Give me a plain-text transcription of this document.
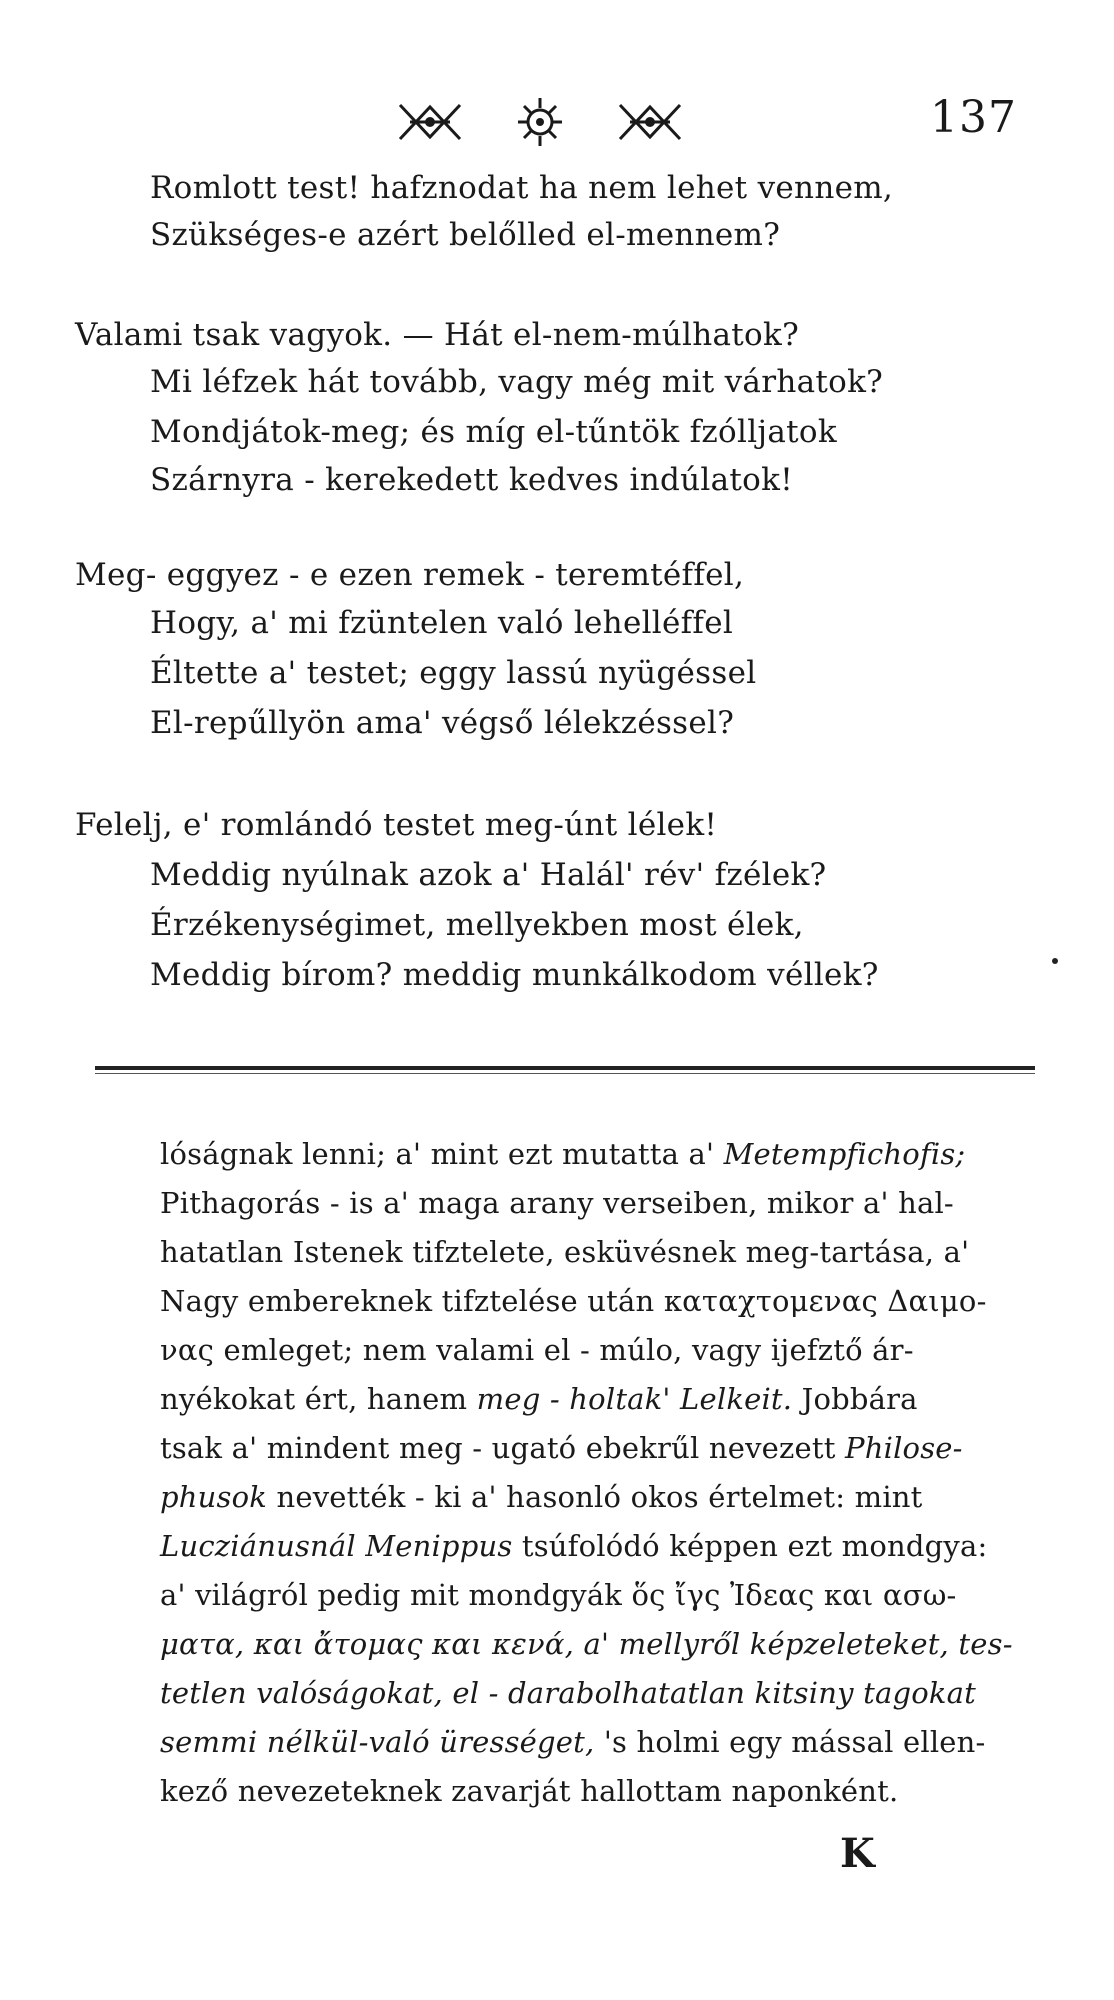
137
Romlott test! hafznodat ha nem lehet vennem,
Szükséges-e azért belőlled el-mennem?
Valami tsak vagyok. — Hát el-nem-múlhatok?
Mi léfzek hát tovább, vagy még mit várhatok?
Mondjátok-meg; és míg el-tűntök fzólljatok
Szárnyra - kerekedett kedves indúlatok!
Meg- eggyez - e ezen remek - teremtéffel,
Hogy, a' mi fzüntelen való lehelléffel
Éltette a' testet; eggy lassú nyügéssel
El-repűllyön ama' végső lélekzéssel?
Felelj, e' romlándó testet meg-únt lélek!
Meddig nyúlnak azok a' Halál' rév' fzélek?
Érzékenységimet, mellyekben most élek,
Meddig bírom? meddig munkálkodom véllek?
lóságnak lenni; a' mint ezt mutatta a' Metempfichofis;
Pithagorás - is a' maga arany verseiben, mikor a' hal-
hatatlan Istenek tifztelete, esküvésnek meg-tartása, a'
Nagy embereknek tifztelése után καταχτομενας Δαιμο-
νας emleget; nem valami el - múlo, vagy ijefztő ár-
nyékokat ért, hanem meg - holtak' Lelkeit. Jobbára
tsak a' mindent meg - ugató ebekrűl nevezett Philose-
phusok nevették - ki a' hasonló okos értelmet: mint
Lucziánusnál Menippus tsúfolódó képpen ezt mondgya:
a' világról pedig mit mondgyák ὅς ἴγς Ἰδεας και ασω-
ματα, και ἄτομας και κενά, a' mellyről képzeleteket, tes-
tetlen valóságokat, el - darabolhatatlan kitsiny tagokat
semmi nélkül-való ürességet, 's holmi egy mással ellen-
kező nevezeteknek zavarját hallottam naponként.
K
